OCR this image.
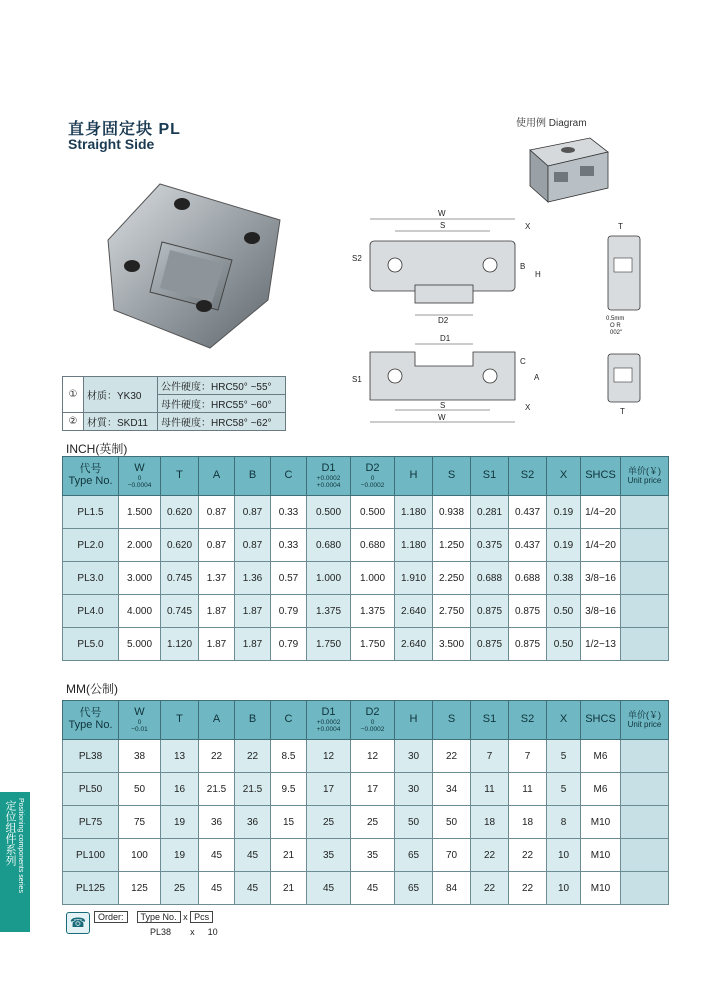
直身固定块 PL
Straight Side
使用例 Diagram
W
S	X
S2
B
H
D2
T
0.5mm
O R
002"
D1
C
A
S1
S	X
W
T
①	材质：YK30	公件硬度：HRC50° ~55°
		母件硬度：HRC55° ~60°
②	材質：SKD11	母件硬度：HRC58° ~62°
INCH(英制)
代号
Type No.	W
0
−0.0004	T	A	B	C	D1
+0.0002
+0.0004	D2
0
−0.0002	H	S	S1	S2	X	SHCS	单价(￥)
Unit price

PL1.5	1.500	0.620	0.87	0.87	0.33	0.500	0.500	1.180	0.938	0.281	0.437	0.19	1/4−20	
PL2.0	2.000	0.620	0.87	0.87	0.33	0.680	0.680	1.180	1.250	0.375	0.437	0.19	1/4−20	
PL3.0	3.000	0.745	1.37	1.36	0.57	1.000	1.000	1.910	2.250	0.688	0.688	0.38	3/8−16	
PL4.0	4.000	0.745	1.87	1.87	0.79	1.375	1.375	2.640	2.750	0.875	0.875	0.50	3/8−16	
PL5.0	5.000	1.120	1.87	1.87	0.79	1.750	1.750	2.640	3.500	0.875	0.875	0.50	1/2−13	
MM(公制)
代号
Type No.	W
0
−0.01	T	A	B	C	D1
+0.0002
+0.0004	D2
0
−0.0002	H	S	S1	S2	X	SHCS	单价(￥)
Unit price

PL38	38	13	22	22	8.5	12	12	30	22	7	7	5	M6	
PL50	50	16	21.5	21.5	9.5	17	17	30	34	11	11	5	M6	
PL75	75	19	36	36	15	25	25	50	50	18	18	8	M10	
PL100	100	19	45	45	21	35	35	65	70	22	22	10	M10	
PL125	125	25	45	45	21	45	45	65	84	22	22	10	M10	
定位组件系列 Positioning components series
☎	Order: Type No. x Pcs
PL38 x 10
